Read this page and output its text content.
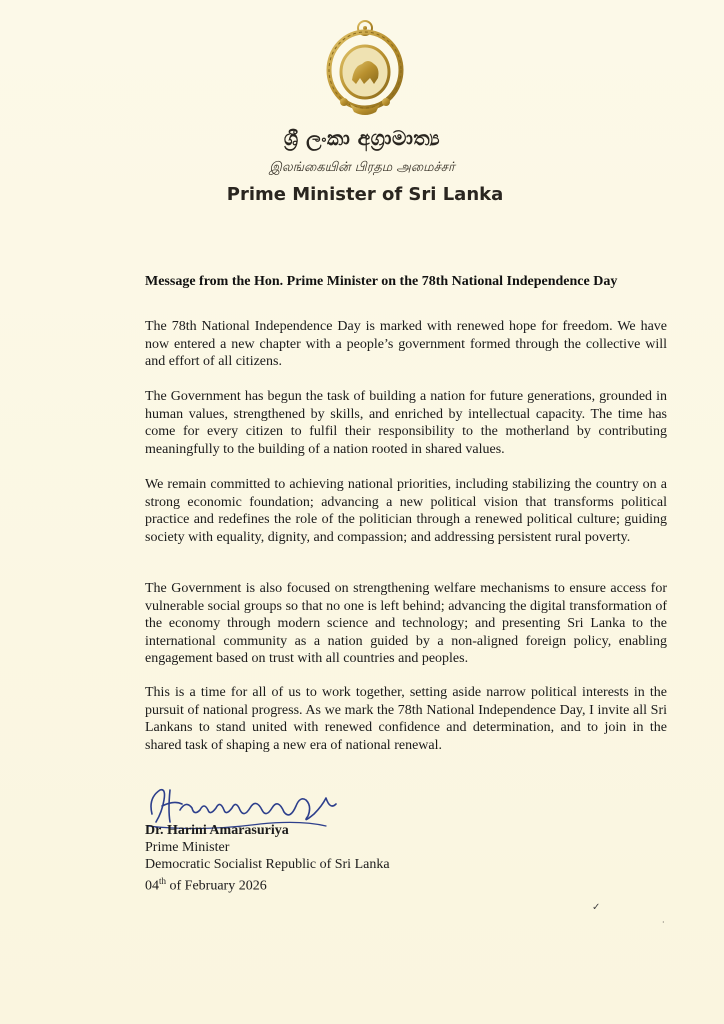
ශ්‍රී ලංකා අග්‍රාමාත්‍ය
இலங்கையின் பிரதம அமைச்சர்
Prime Minister of Sri Lanka
Message from the Hon. Prime Minister on the 78th National Independence Day

The 78th National Independence Day is marked with renewed hope for freedom. We have now entered a new chapter with a people’s government formed through the collective will and effort of all citizens.

The Government has begun the task of building a nation for future generations, grounded in human values, strengthened by skills, and enriched by intellectual capacity. The time has come for every citizen to fulfil their responsibility to the motherland by contributing meaningfully to the building of a nation rooted in shared values.

We remain committed to achieving national priorities, including stabilizing the country on a strong economic foundation; advancing a new political vision that transforms political practice and redefines the role of the politician through a renewed political culture; guiding society with equality, dignity, and compassion; and addressing persistent rural poverty.

The Government is also focused on strengthening welfare mechanisms to ensure access for vulnerable social groups so that no one is left behind; advancing the digital transformation of the economy through modern science and technology; and presenting Sri Lanka to the international community as a nation guided by a non-aligned foreign policy, enabling engagement based on trust with all countries and peoples.

This is a time for all of us to work together, setting aside narrow political interests in the pursuit of national progress. As we mark the 78th National Independence Day, I invite all Sri Lankans to stand united with renewed confidence and determination, and to join in the shared task of shaping a new era of national renewal.

Dr. Harini Amarasuriya
Prime Minister
Democratic Socialist Republic of Sri Lanka
04th of February 2026
✓
·
